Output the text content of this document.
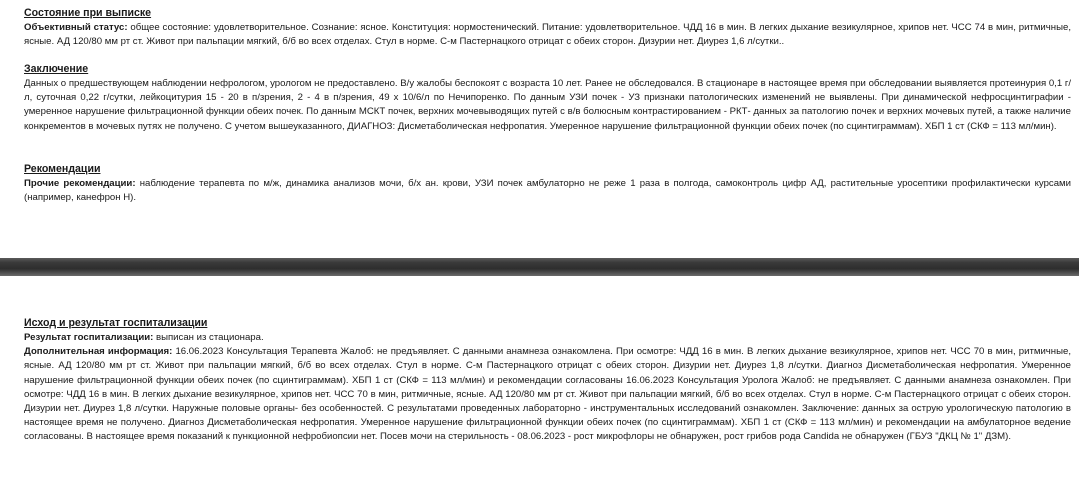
Состояние при выписке

Объективный статус: общее состояние: удовлетворительное. Сознание: ясное. Конституция: нормостенический. Питание: удовлетворительное. ЧДД 16 в мин. В легких дыхание везикулярное, хрипов нет. ЧСС 74 в мин, ритмичные, ясные. АД 120/80 мм рт ст. Живот при пальпации мягкий, б/б во всех отделах. Стул в норме. С-м Пастернацкого отрицат с обеих сторон. Дизурии нет. Диурез 1,6 л/сутки..

Заключение

Данных о предшествующем наблюдении нефрологом, урологом не предоставлено. В/у жалобы беспокоят с возраста 10 лет. Ранее не обследовался. В стационаре в настоящее время при обследовании выявляется протеинурия 0,1 г/л, суточная 0,22 г/сутки, лейкоцитурия 15 - 20 в п/зрения, 2 - 4 в п/зрения, 49 х 10/6/л по Нечипоренко. По данным УЗИ почек - УЗ признаки патологических изменений не выявлены. При динамической нефросцинтиграфии - умеренное нарушение фильтрационной функции обеих почек. По данным МСКТ почек, верхних мочевыводящих путей с в/в болюсным контрастированием - РКТ- данных за патологию почек и верхних мочевых путей, а также наличие конкрементов в мочевых путях не получено. С учетом вышеуказанного, ДИАГНОЗ: Дисметаболическая нефропатия. Умеренное нарушение фильтрационной функции обеих почек (по сцинтиграммам). ХБП 1 ст (СКФ = 113 мл/мин).

Рекомендации

Прочие рекомендации: наблюдение терапевта по м/ж, динамика анализов мочи, б/х ан. крови, УЗИ почек амбулаторно не реже 1 раза в полгода, самоконтроль цифр АД, растительные уросептики профилактически курсами (например, канефрон Н).

Исход и результат госпитализации

Результат госпитализации: выписан из стационара.

Дополнительная информация: 16.06.2023 Консультация Терапевта Жалоб: не предъявляет. С данными анамнеза ознакомлена. При осмотре: ЧДД 16 в мин. В легких дыхание везикулярное, хрипов нет. ЧСС 70 в мин, ритмичные, ясные. АД 120/80 мм рт ст. Живот при пальпации мягкий, б/б во всех отделах. Стул в норме. С-м Пастернацкого отрицат с обеих сторон. Дизурии нет. Диурез 1,8 л/сутки. Диагноз Дисметаболическая нефропатия. Умеренное нарушение фильтрационной функции обеих почек (по сцинтиграммам). ХБП 1 ст (СКФ = 113 мл/мин) и рекомендации согласованы 16.06.2023 Консультация Уролога Жалоб: не предъявляет. С данными анамнеза ознакомлен. При осмотре: ЧДД 16 в мин. В легких дыхание везикулярное, хрипов нет. ЧСС 70 в мин, ритмичные, ясные. АД 120/80 мм рт ст. Живот при пальпации мягкий, б/б во всех отделах. Стул в норме. С-м Пастернацкого отрицат с обеих сторон. Дизурии нет. Диурез 1,8 л/сутки. Наружные половые органы- без особенностей. С результатами проведенных лабораторно - инструментальных исследований ознакомлен. Заключение: данных за острую урологическую патологию в настоящее время не получено. Диагноз Дисметаболическая нефропатия. Умеренное нарушение фильтрационной функции обеих почек (по сцинтиграммам). ХБП 1 ст (СКФ = 113 мл/мин) и рекомендации на амбулаторное ведение согласованы. В настоящее время показаний к пункционной нефробиопсии нет. Посев мочи на стерильность - 08.06.2023 - рост микрофлоры не обнаружен, рост грибов рода Candida не обнаружен (ГБУЗ "ДКЦ № 1" ДЗМ).
